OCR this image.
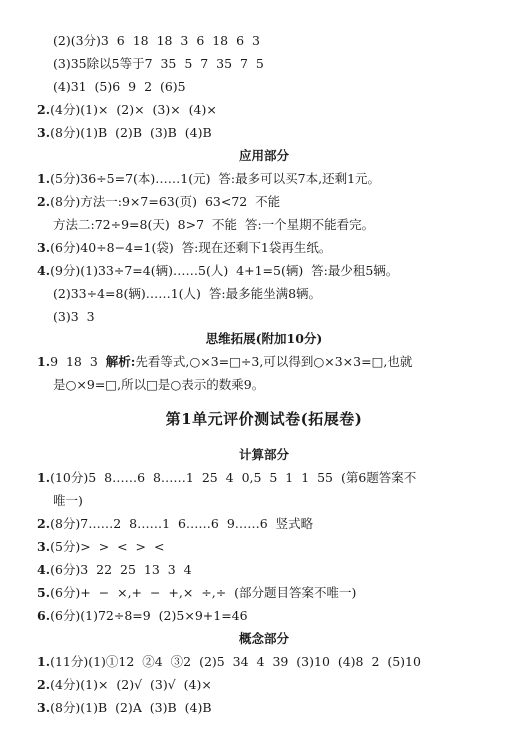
(2)(3分)3  6  18  18  3  6  18  6  3
(3)35除以5等于7  35  5  7  35  7  5
(4)31  (5)6  9  2  (6)5
2.(4分)(1)×  (2)×  (3)×  (4)×
3.(8分)(1)B  (2)B  (3)B  (4)B
应用部分
1.(5分)36÷5=7(本)……1(元)  答:最多可以买7本,还剩1元。
2.(8分)方法一:9×7=63(页)  63<72  不能
方法二:72÷9=8(天)  8>7  不能  答:一个星期不能看完。
3.(6分)40÷8−4=1(袋)  答:现在还剩下1袋再生纸。
4.(9分)(1)33÷7=4(辆)……5(人)  4+1=5(辆)  答:最少租5辆。
(2)33÷4=8(辆)……1(人)  答:最多能坐满8辆。
(3)3  3
思维拓展(附加10分)
1.9  18  3  解析:先看等式,○×3=□÷3,可以得到○×3×3=□,也就
是○×9=□,所以□是○表示的数乘9。
第1单元评价测试卷(拓展卷)
计算部分
1.(10分)5  8……6  8……1  25  4  0,5  5  1  1  55  (第6题答案不
唯一)
2.(8分)7……2  8……1  6……6  9……6  竖式略
3.(5分)>  >  <  >  <
4.(6分)3  22  25  13  3  4
5.(6分)+  −  ×,+  −  +,×  ÷,÷  (部分题目答案不唯一)
6.(6分)(1)72÷8=9  (2)5×9+1=46
概念部分
1.(11分)(1)①12  ②4  ③2  (2)5  34  4  39  (3)10  (4)8  2  (5)10
2.(4分)(1)×  (2)√  (3)√  (4)×
3.(8分)(1)B  (2)A  (3)B  (4)B
